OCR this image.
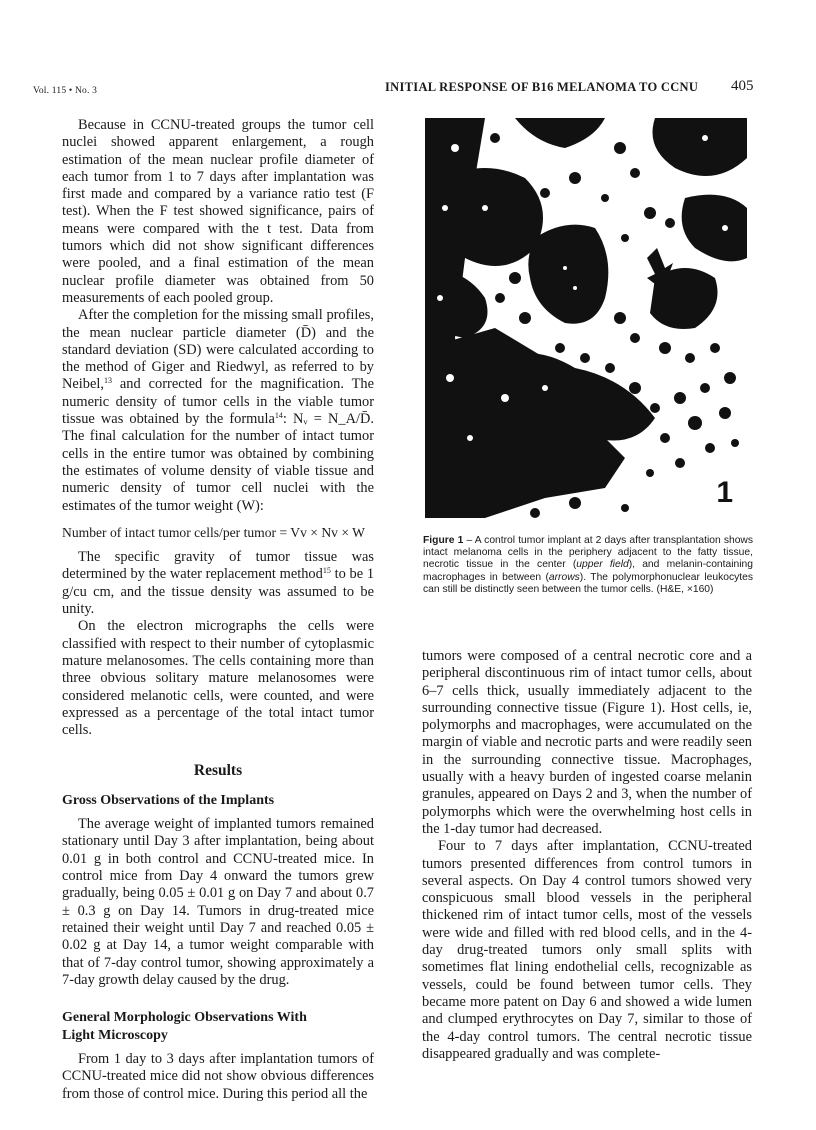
Vol. 115 • No. 3	INITIAL RESPONSE OF B16 MELANOMA TO CCNU 405

Because in CCNU-treated groups the tumor cell nuclei showed apparent enlargement, a rough estimation of the mean nuclear profile diameter of each tumor from 1 to 7 days after implantation was first made and compared by a variance ratio test (F test). When the F test showed significance, pairs of means were compared with the t test. Data from tumors which did not show significant differences were pooled, and a final estimation of the mean nuclear profile diameter was obtained from 50 measurements of each pooled group.

After the completion for the missing small profiles, the mean nuclear particle diameter (D̄) and the standard deviation (SD) were calculated according to the method of Giger and Riedwyl, as referred to by Neibel,$^{13}$ and corrected for the magnification. The numeric density of tumor cells in the viable tumor tissue was obtained by the formula$^{14}$: Nᵥ = N_A/D̄. The final calculation for the number of intact tumor cells in the entire tumor was obtained by combining the estimates of volume density of viable tissue and numeric density of tumor cell nuclei with the estimates of the tumor weight (W):

Number of intact tumor cells/per tumor = Vv × Nv × W

The specific gravity of tumor tissue was determined by the water replacement method$^{15}$ to be 1 g/cu cm, and the tissue density was assumed to be unity.

On the electron micrographs the cells were classified with respect to their number of cytoplasmic mature melanosomes. The cells containing more than three obvious solitary mature melanosomes were considered melanotic cells, were counted, and were expressed as a percentage of the total intact tumor cells.

Results
Gross Observations of the Implants

The average weight of implanted tumors remained stationary until Day 3 after implantation, being about 0.01 g in both control and CCNU-treated mice. In control mice from Day 4 onward the tumors grew gradually, being 0.05 ± 0.01 g on Day 7 and about 0.7 ± 0.3 g on Day 14. Tumors in drug-treated mice retained their weight until Day 7 and reached 0.05 ± 0.02 g at Day 14, a tumor weight comparable with that of 7-day control tumor, showing approximately a 7-day growth delay caused by the drug.

General Morphologic Observations With
Light Microscopy

From 1 day to 3 days after implantation tumors of CCNU-treated mice did not show obvious differences from those of control mice. During this period all the

1
Figure 1 – A control tumor implant at 2 days after transplantation shows intact melanoma cells in the periphery adjacent to the fatty tissue, necrotic tissue in the center (upper field), and melanin-containing macrophages in between (arrows). The polymorphonuclear leukocytes can still be distinctly seen between the tumor cells. (H&E, ×160)

tumors were composed of a central necrotic core and a peripheral discontinuous rim of intact tumor cells, about 6–7 cells thick, usually immediately adjacent to the surrounding connective tissue (Figure 1). Host cells, ie, polymorphs and macrophages, were accumulated on the margin of viable and necrotic parts and were readily seen in the surrounding connective tissue. Macrophages, usually with a heavy burden of ingested coarse melanin granules, appeared on Days 2 and 3, when the number of polymorphs which were the overwhelming host cells in the 1-day tumor had decreased.

Four to 7 days after implantation, CCNU-treated tumors presented differences from control tumors in several aspects. On Day 4 control tumors showed very conspicuous small blood vessels in the peripheral thickened rim of intact tumor cells, most of the vessels were wide and filled with red blood cells, and in the 4-day drug-treated tumors only small splits with sometimes flat lining endothelial cells, recognizable as vessels, could be found between tumor cells. They became more patent on Day 6 and showed a wide lumen and clumped erythrocytes on Day 7, similar to those of the 4-day control tumors. The central necrotic tissue disappeared gradually and was complete-
